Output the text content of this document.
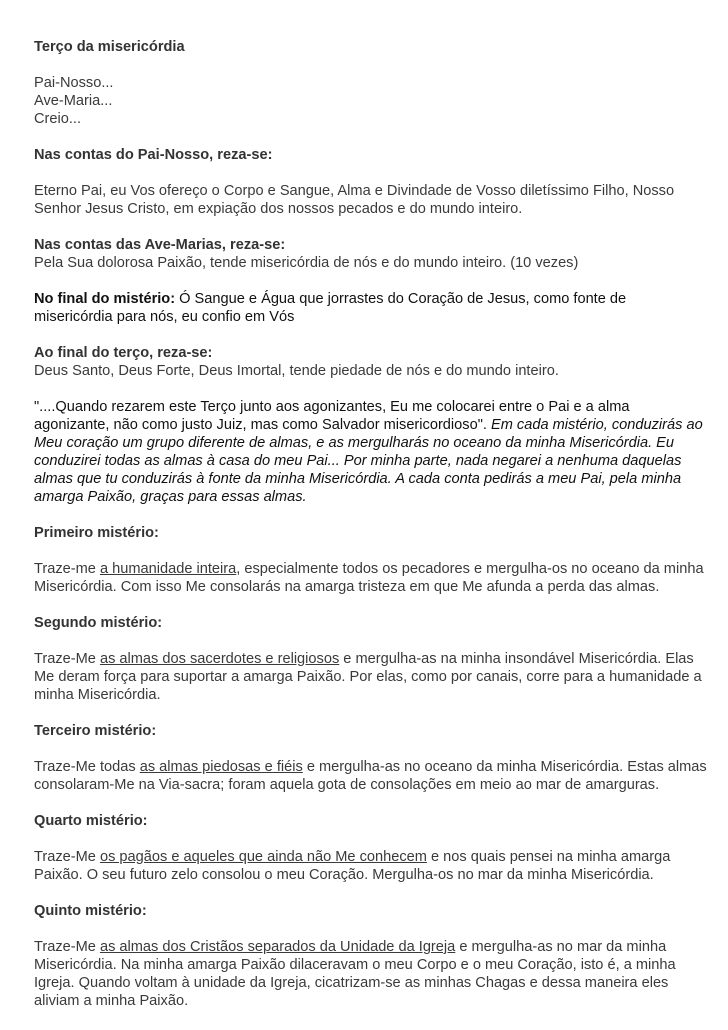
Terço da misericórdia

Pai-Nosso...
Ave-Maria...
Creio...

Nas contas do Pai-Nosso, reza-se:

Eterno Pai, eu Vos ofereço o Corpo e Sangue, Alma e Divindade de Vosso diletíssimo Filho, Nosso Senhor Jesus Cristo, em expiação dos nossos pecados e do mundo inteiro.

Nas contas das Ave-Marias, reza-se:
Pela Sua dolorosa Paixão, tende misericórdia de nós e do mundo inteiro. (10 vezes)

No final do mistério: Ó Sangue e Água que jorrastes do Coração de Jesus, como fonte de misericórdia para nós, eu confio em Vós

Ao final do terço, reza-se:
Deus Santo, Deus Forte, Deus Imortal, tende piedade de nós e do mundo inteiro.

"....Quando rezarem este Terço junto aos agonizantes, Eu me colocarei entre o Pai e a alma agonizante, não como justo Juiz, mas como Salvador misericordioso". Em cada mistério, conduzirás ao Meu coração um grupo diferente de almas, e as mergulharás no oceano da minha Misericórdia. Eu conduzirei todas as almas à casa do meu Pai... Por minha parte, nada negarei a nenhuma daquelas almas que tu conduzirás à fonte da minha Misericórdia. A cada conta pedirás a meu Pai, pela minha amarga Paixão, graças para essas almas.

Primeiro mistério:

Traze-me a humanidade inteira, especialmente todos os pecadores e mergulha-os no oceano da minha Misericórdia. Com isso Me consolarás na amarga tristeza em que Me afunda a perda das almas.

Segundo mistério:

Traze-Me as almas dos sacerdotes e religiosos e mergulha-as na minha insondável Misericórdia. Elas Me deram força para suportar a amarga Paixão. Por elas, como por canais, corre para a humanidade a minha Misericórdia.

Terceiro mistério:

Traze-Me todas as almas piedosas e fiéis e mergulha-as no oceano da minha Misericórdia. Estas almas consolaram-Me na Via-sacra; foram aquela gota de consolações em meio ao mar de amarguras.

Quarto mistério:

Traze-Me os pagãos e aqueles que ainda não Me conhecem e nos quais pensei na minha amarga Paixão. O seu futuro zelo consolou o meu Coração. Mergulha-os no mar da minha Misericórdia.

Quinto mistério:

Traze-Me as almas dos Cristãos separados da Unidade da Igreja e mergulha-as no mar da minha Misericórdia. Na minha amarga Paixão dilaceravam o meu Corpo e o meu Coração, isto é, a minha Igreja. Quando voltam à unidade da Igreja, cicatrizam-se as minhas Chagas e dessa maneira eles aliviam a minha Paixão.
